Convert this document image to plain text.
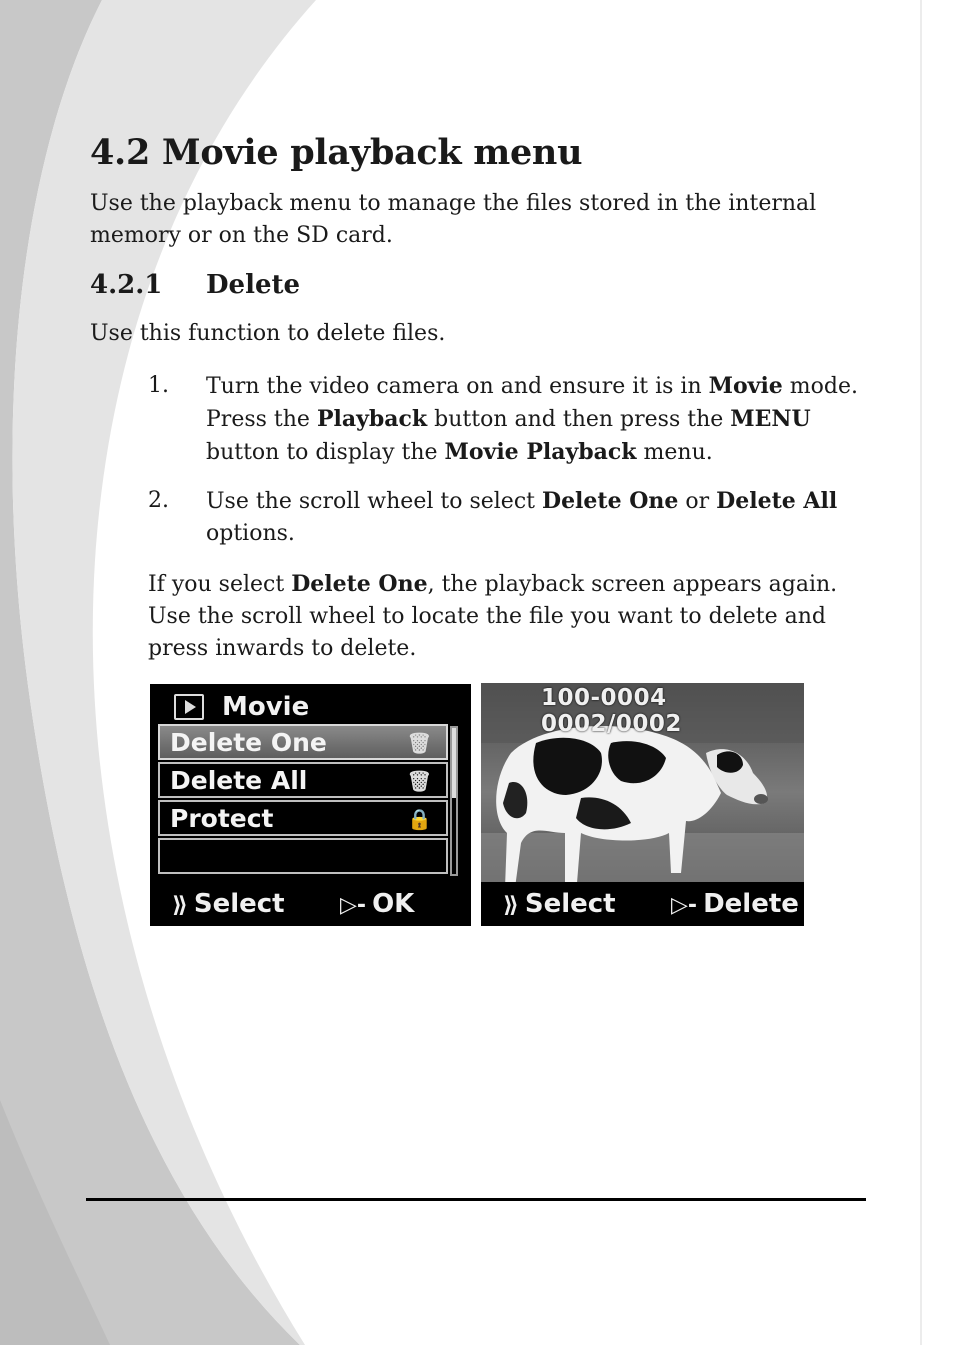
4.2 Movie playback menu

Use the playback menu to manage the files stored in the internal memory or on the SD card.

4.2.1 Delete

Use this function to delete files.

1. Turn the video camera on and ensure it is in Movie mode. Press the Playback button and then press the MENU button to display the Movie Playback menu.
2. Use the scroll wheel to select Delete One or Delete All options.

If you select Delete One, the playback screen appears again. Use the scroll wheel to locate the file you want to delete and press inwards to delete.

Movie
Delete One	🗑
Delete All	🗑
Protect	🔒
⟫ Select	▷- OK
100-0004 0002/0002
⟫ Select	▷- Delete
